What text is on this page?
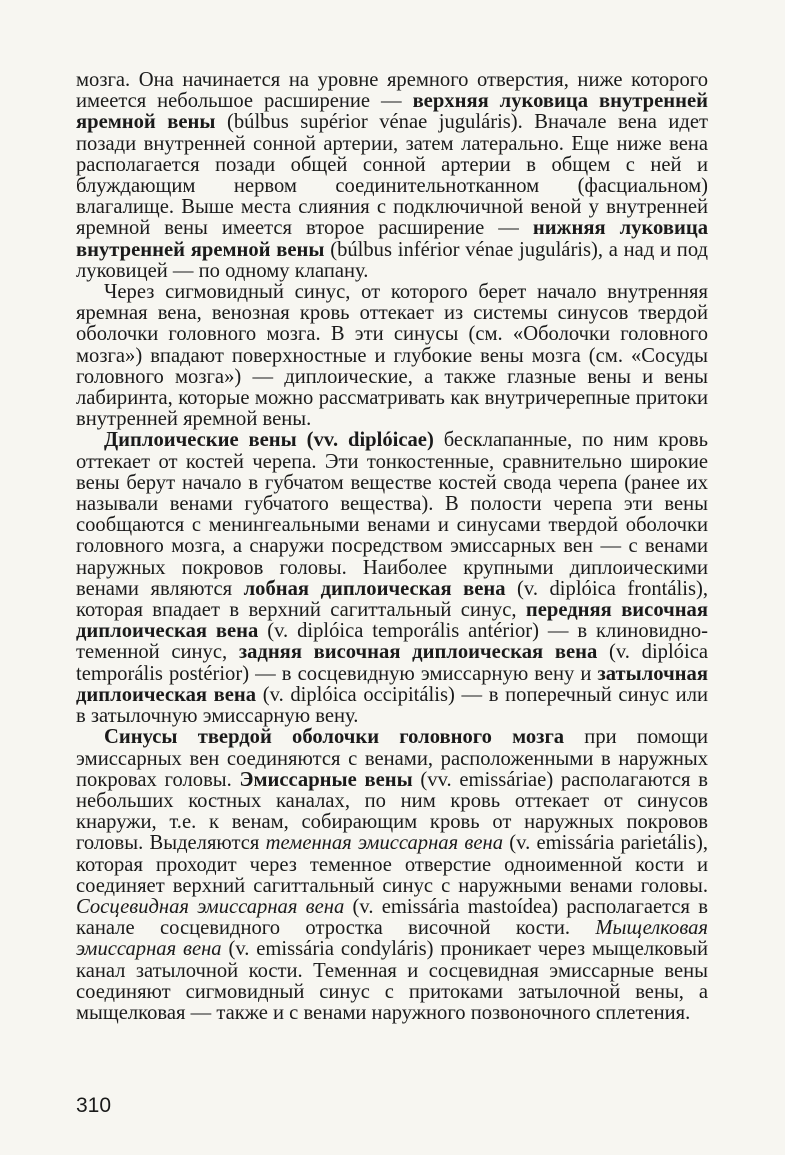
мозга. Она начинается на уровне яремного отверстия, ниже которого имеется небольшое расширение — верхняя луковица внутренней яремной вены (búlbus supérior vénae juguláris). Вначале вена идет позади внутренней сонной артерии, затем латерально. Еще ниже вена располагается позади общей сонной артерии в общем с ней и блуждающим нервом соединительнотканном (фасциальном) влагалище. Выше места слияния с подключичной веной у внутренней яремной вены имеется второе расширение — нижняя луковица внутренней яремной вены (búlbus inférior vénae juguláris), а над и под луковицей — по одному клапану.

Через сигмовидный синус, от которого берет начало внутренняя яремная вена, венозная кровь оттекает из системы синусов твердой оболочки головного мозга. В эти синусы (см. «Оболочки головного мозга») впадают поверхностные и глубокие вены мозга (см. «Сосуды головного мозга») — диплоические, а также глазные вены и вены лабиринта, которые можно рассматривать как внутричерепные притоки внутренней яремной вены.

Диплоические вены (vv. diplóicae) бесклапанные, по ним кровь оттекает от костей черепа. Эти тонкостенные, сравнительно широкие вены берут начало в губчатом веществе костей свода черепа (ранее их называли венами губчатого вещества). В полости черепа эти вены сообщаются с менингеальными венами и синусами твердой оболочки головного мозга, а снаружи посредством эмиссарных вен — с венами наружных покровов головы. Наиболее крупными диплоическими венами являются лобная диплоическая вена (v. diplóica frontális), которая впадает в верхний сагиттальный синус, передняя височная диплоическая вена (v. diplóica temporális antérior) — в клиновидно-теменной синус, задняя височная диплоическая вена (v. diplóica temporális postérior) — в сосцевидную эмиссарную вену и затылочная диплоическая вена (v. diplóica occipitális) — в поперечный синус или в затылочную эмиссарную вену.

Синусы твердой оболочки головного мозга при помощи эмиссарных вен соединяются с венами, расположенными в наружных покровах головы. Эмиссарные вены (vv. emissáriae) располагаются в небольших костных каналах, по ним кровь оттекает от синусов кнаружи, т.е. к венам, собирающим кровь от наружных покровов головы. Выделяются теменная эмиссарная вена (v. emissária parietális), которая проходит через теменное отверстие одноименной кости и соединяет верхний сагиттальный синус с наружными венами головы. Сосцевидная эмиссарная вена (v. emissária mastoídea) располагается в канале сосцевидного отростка височной кости. Мыщелковая эмиссарная вена (v. emissária condyláris) проникает через мыщелковый канал затылочной кости. Теменная и сосцевидная эмиссарные вены соединяют сигмовидный синус с притоками затылочной вены, а мыщелковая — также и с венами наружного позвоночного сплетения.

310
